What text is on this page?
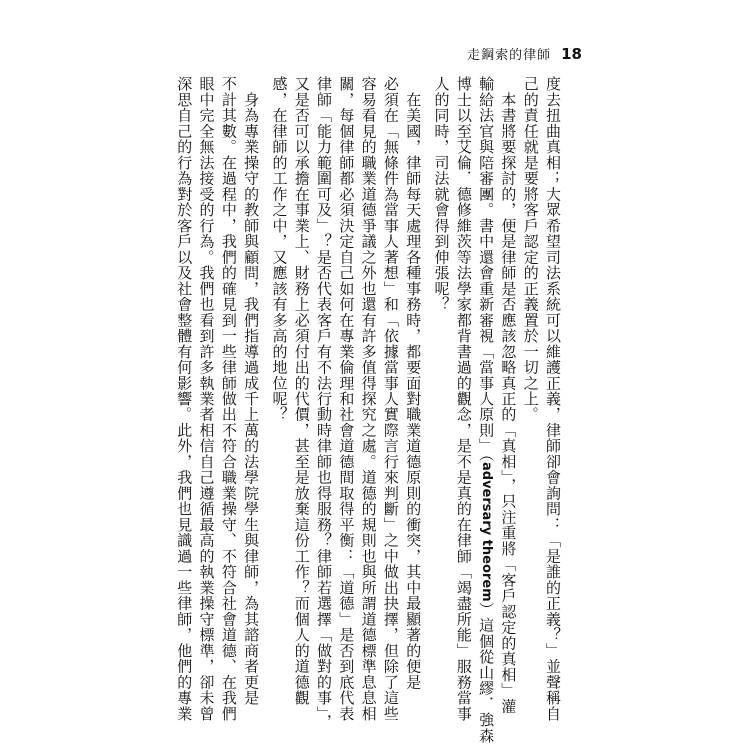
走鋼索的律師 18
度去扭曲真相；大眾希望司法系統可以維護正義，律師卻會詢問：「是誰的正義？」並聲稱自
己的責任就是要將客戶認定的正義置於一切之上。
　本書將要探討的，便是律師是否應該忽略真正的「真相」，只注重將「客戶認定的真相」灌
輸給法官與陪審團。書中還會重新審視「當事人原則」（adversary theorem）這個從山繆．強森
博士以至艾倫．德修維茨等法學家都背書過的觀念，是不是真的在律師「竭盡所能」服務當事
人的同時，司法就會得到伸張呢？
　在美國，律師每天處理各種事務時，都要面對職業道德原則的衝突，其中最顯著的便是
必須在「無條件為當事人著想」和「依據當事人實際言行來判斷」之中做出抉擇，但除了這些
容易看見的職業道德爭議之外也還有許多值得探究之處。道德的規則也與所謂道德標準息息相
關，每個律師都必須決定自己如何在專業倫理和社會道德間取得平衡：「道德」是否到底代表
律師「能力範圍可及」？是否代表客戶有不法行動時律師也得服務？律師若選擇「做對的事」，
又是否可以承擔在事業上、財務上必須付出的代價，甚至是放棄這份工作？而個人的道德觀
感，在律師的工作之中，又應該有多高的地位呢？
　身為專業操守的教師與顧問，我們指導過成千上萬的法學院學生與律師，為其諮商者更是
不計其數。在過程中，我們的確見到一些律師做出不符合職業操守、不符合社會道德、在我們
眼中完全無法接受的行為。我們也看到許多執業者相信自己遵循最高的執業操守標準，卻未曾
深思自己的行為對於客戶以及社會整體有何影響。此外，我們也見識過一些律師，他們的專業
